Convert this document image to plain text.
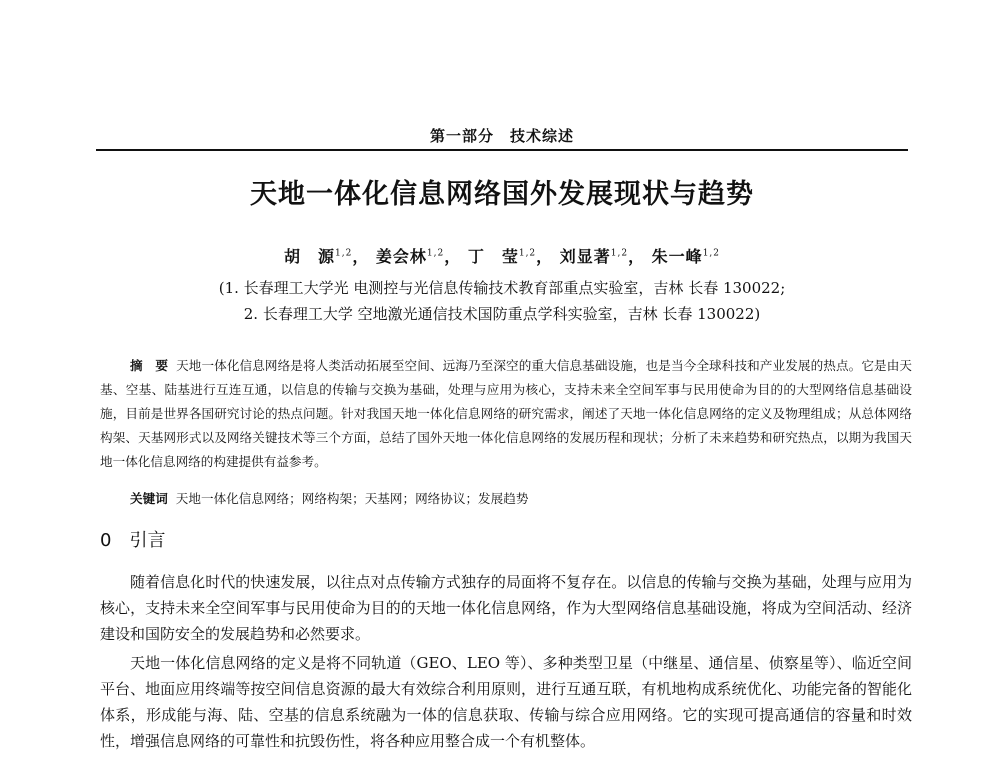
第一部分　技术综述
天地一体化信息网络国外发展现状与趋势
胡　源$^{1,2}$， 姜会林$^{1,2}$， 丁　莹$^{1,2}$， 刘显著$^{1,2}$， 朱一峰$^{1,2}$
(1. 长春理工大学光 电测控与光信息传输技术教育部重点实验室，吉林 长春 130022;
2. 长春理工大学 空地激光通信技术国防重点学科实验室，吉林 长春 130022)
摘　要 天地一体化信息网络是将人类活动拓展至空间、远海乃至深空的重大信息基础设施，也是当今全球科技和产业发展的热点。它是由天基、空基、陆基进行互连互通，以信息的传输与交换为基础，处理与应用为核心，支持未来全空间军事与民用使命为目的的大型网络信息基础设施，目前是世界各国研究讨论的热点问题。针对我国天地一体化信息网络的研究需求，阐述了天地一体化信息网络的定义及物理组成；从总体网络构架、天基网形式以及网络关键技术等三个方面，总结了国外天地一体化信息网络的发展历程和现状；分析了未来趋势和研究热点，以期为我国天地一体化信息网络的构建提供有益参考。
关键词 天地一体化信息网络；网络构架；天基网；网络协议；发展趋势
0 引言
随着信息化时代的快速发展，以往点对点传输方式独存的局面将不复存在。以信息的传输与交换为基础，处理与应用为核心，支持未来全空间军事与民用使命为目的的天地一体化信息网络，作为大型网络信息基础设施，将成为空间活动、经济建设和国防安全的发展趋势和必然要求。
天地一体化信息网络的定义是将不同轨道（GEO、LEO 等）、多种类型卫星（中继星、通信星、侦察星等）、临近空间平台、地面应用终端等按空间信息资源的最大有效综合利用原则，进行互通互联，有机地构成系统优化、功能完备的智能化体系，形成能与海、陆、空基的信息系统融为一体的信息获取、传输与综合应用网络。它的实现可提高通信的容量和时效性，增强信息网络的可靠性和抗毁伤性，将各种应用整合成一个有机整体。
